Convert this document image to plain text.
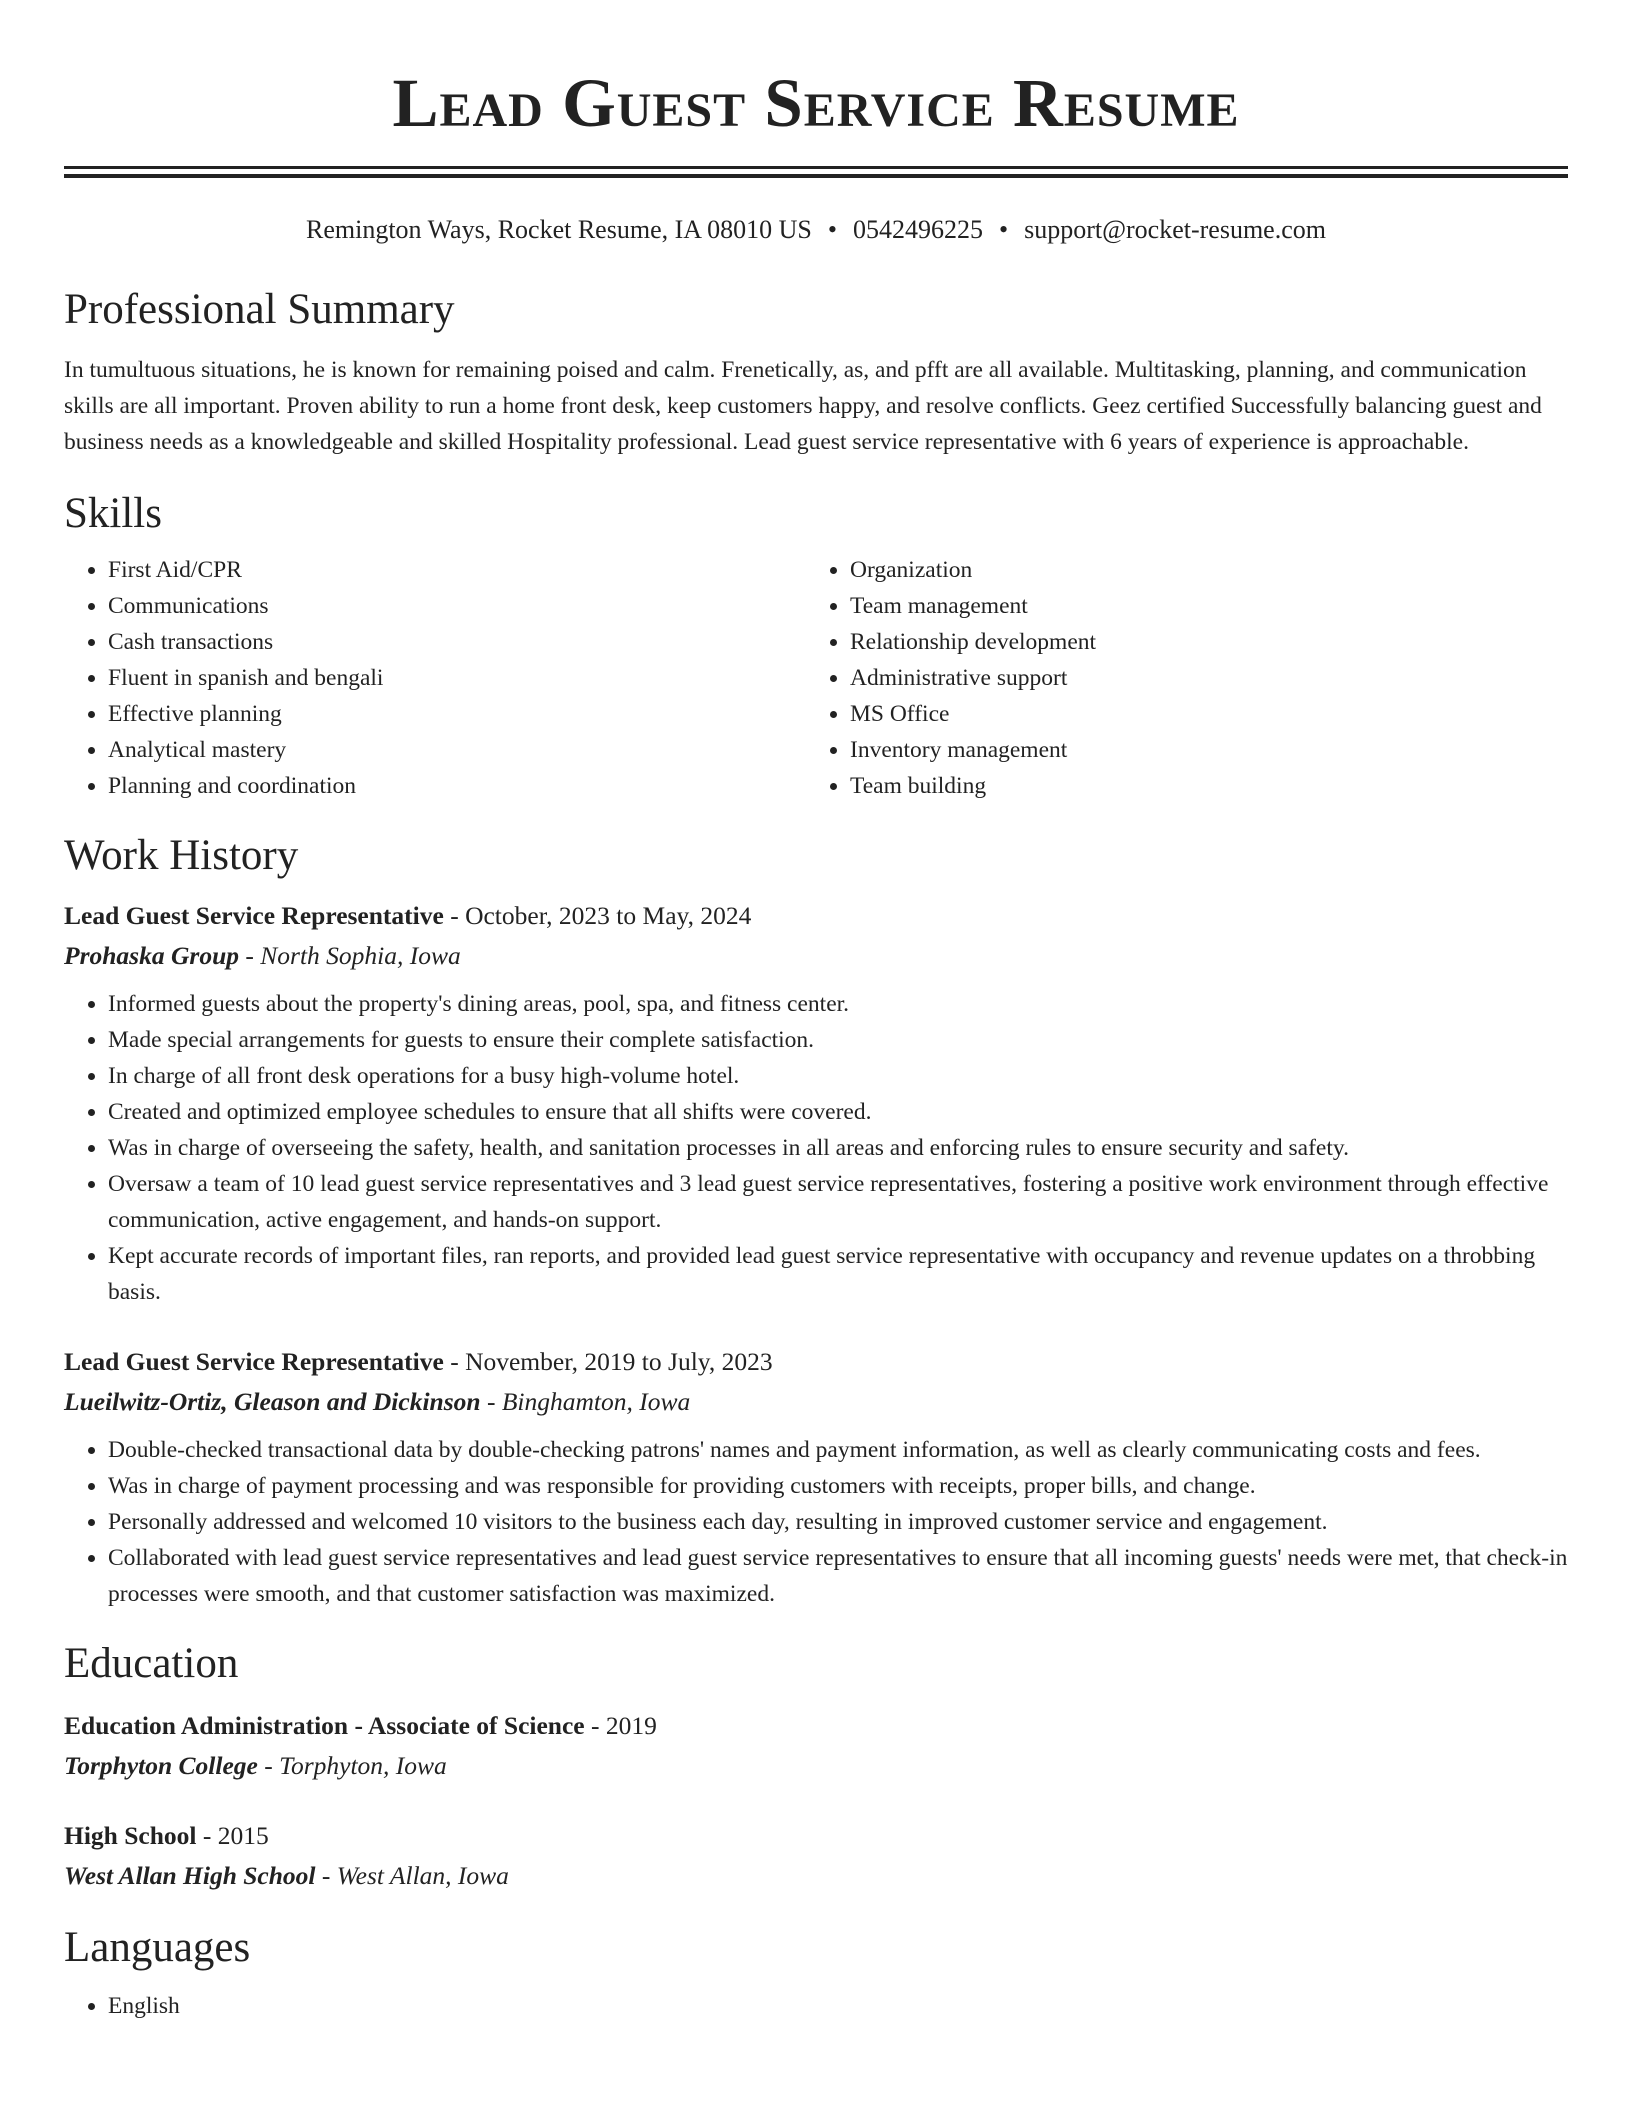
Lead Guest Service Resume
Remington Ways, Rocket Resume, IA 08010 US • 0542496225 • support@rocket-resume.com
Professional Summary

In tumultuous situations, he is known for remaining poised and calm. Frenetically, as, and pfft are all available. Multitasking, planning, and communication skills are all important. Proven ability to run a home front desk, keep customers happy, and resolve conflicts. Geez certified Successfully balancing guest and business needs as a knowledgeable and skilled Hospitality professional. Lead guest service representative with 6 years of experience is approachable.

Skills
• First Aid/CPR
• Communications
• Cash transactions
• Fluent in spanish and bengali
• Effective planning
• Analytical mastery
• Planning and coordination
• Organization
• Team management
• Relationship development
• Administrative support
• MS Office
• Inventory management
• Team building
Work History
Lead Guest Service Representative - October, 2023 to May, 2024
Prohaska Group - North Sophia, Iowa
• Informed guests about the property's dining areas, pool, spa, and fitness center.
• Made special arrangements for guests to ensure their complete satisfaction.
• In charge of all front desk operations for a busy high-volume hotel.
• Created and optimized employee schedules to ensure that all shifts were covered.
• Was in charge of overseeing the safety, health, and sanitation processes in all areas and enforcing rules to ensure security and safety.
• Oversaw a team of 10 lead guest service representatives and 3 lead guest service representatives, fostering a positive work environment through effective communication, active engagement, and hands-on support.
• Kept accurate records of important files, ran reports, and provided lead guest service representative with occupancy and revenue updates on a throbbing basis.
Lead Guest Service Representative - November, 2019 to July, 2023
Lueilwitz-Ortiz, Gleason and Dickinson - Binghamton, Iowa
• Double-checked transactional data by double-checking patrons' names and payment information, as well as clearly communicating costs and fees.
• Was in charge of payment processing and was responsible for providing customers with receipts, proper bills, and change.
• Personally addressed and welcomed 10 visitors to the business each day, resulting in improved customer service and engagement.
• Collaborated with lead guest service representatives and lead guest service representatives to ensure that all incoming guests' needs were met, that check-in processes were smooth, and that customer satisfaction was maximized.
Education
Education Administration - Associate of Science - 2019
Torphyton College - Torphyton, Iowa
High School - 2015
West Allan High School - West Allan, Iowa
Languages
• English
